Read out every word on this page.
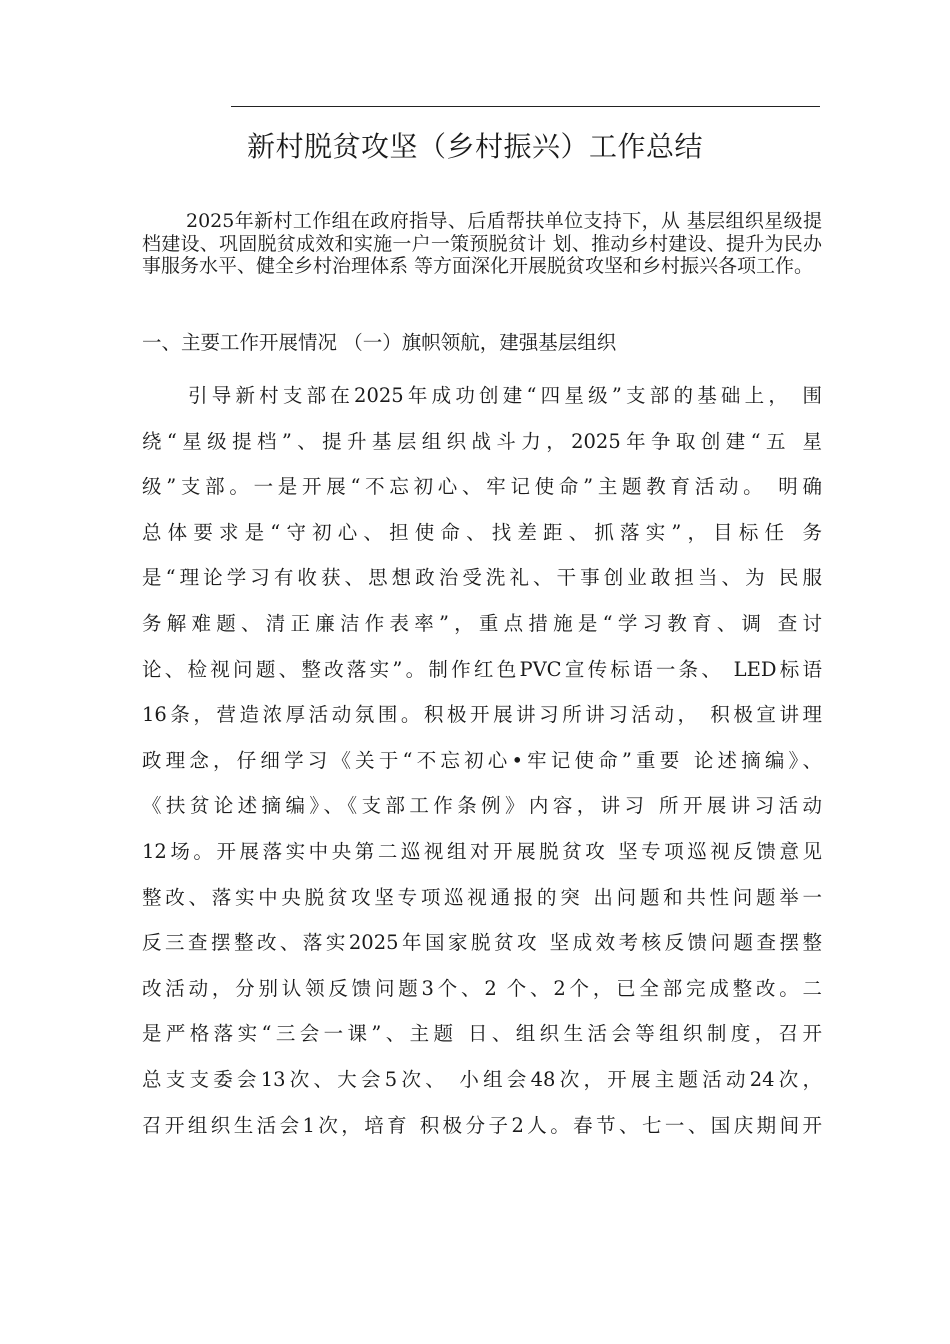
新村脱贫攻坚（乡村振兴）工作总结

2025年新村工作组在政府指导、后盾帮扶单位支持下，从 基层组织星级提档建设、巩固脱贫成效和实施一户一策预脱贫计 划、推动乡村建设、提升为民办事服务水平、健全乡村治理体系 等方面深化开展脱贫攻坚和乡村振兴各项工作。

一、主要工作开展情况 （一）旗帜领航，建强基层组织

引导新村支部在2025年成功创建“四星级”支部的基础上， 围
绕“星级提档”、提升基层组织战斗力，2025年争取创建“五 星
级”支部。一是开展“不忘初心、牢记使命”主题教育活动。 明确
总体要求是“守初心、担使命、找差距、抓落实”，目标任 务
是“理论学习有收获、思想政治受洗礼、干事创业敢担当、为 民服
务解难题、清正廉洁作表率”，重点措施是“学习教育、调 查讨
论、检视问题、整改落实”。制作红色PVC宣传标语一条、 LED标语
16条，营造浓厚活动氛围。积极开展讲习所讲习活动， 积极宣讲理
政理念，仔细学习《关于“不忘初心•牢记使命”重要 论述摘编》、
《扶贫论述摘编》、《支部工作条例》内容，讲习 所开展讲习活动
12场。开展落实中央第二巡视组对开展脱贫攻 坚专项巡视反馈意见
整改、落实中央脱贫攻坚专项巡视通报的突 出问题和共性问题举一
反三查摆整改、落实2025年国家脱贫攻 坚成效考核反馈问题查摆整
改活动，分别认领反馈问题3个、2 个、2个，已全部完成整改。二
是严格落实“三会一课”、主题 日、组织生活会等组织制度，召开
总支支委会13次、大会5次、 小组会48次，开展主题活动24次，
召开组织生活会1次，培育 积极分子2人。春节、七一、国庆期间开
